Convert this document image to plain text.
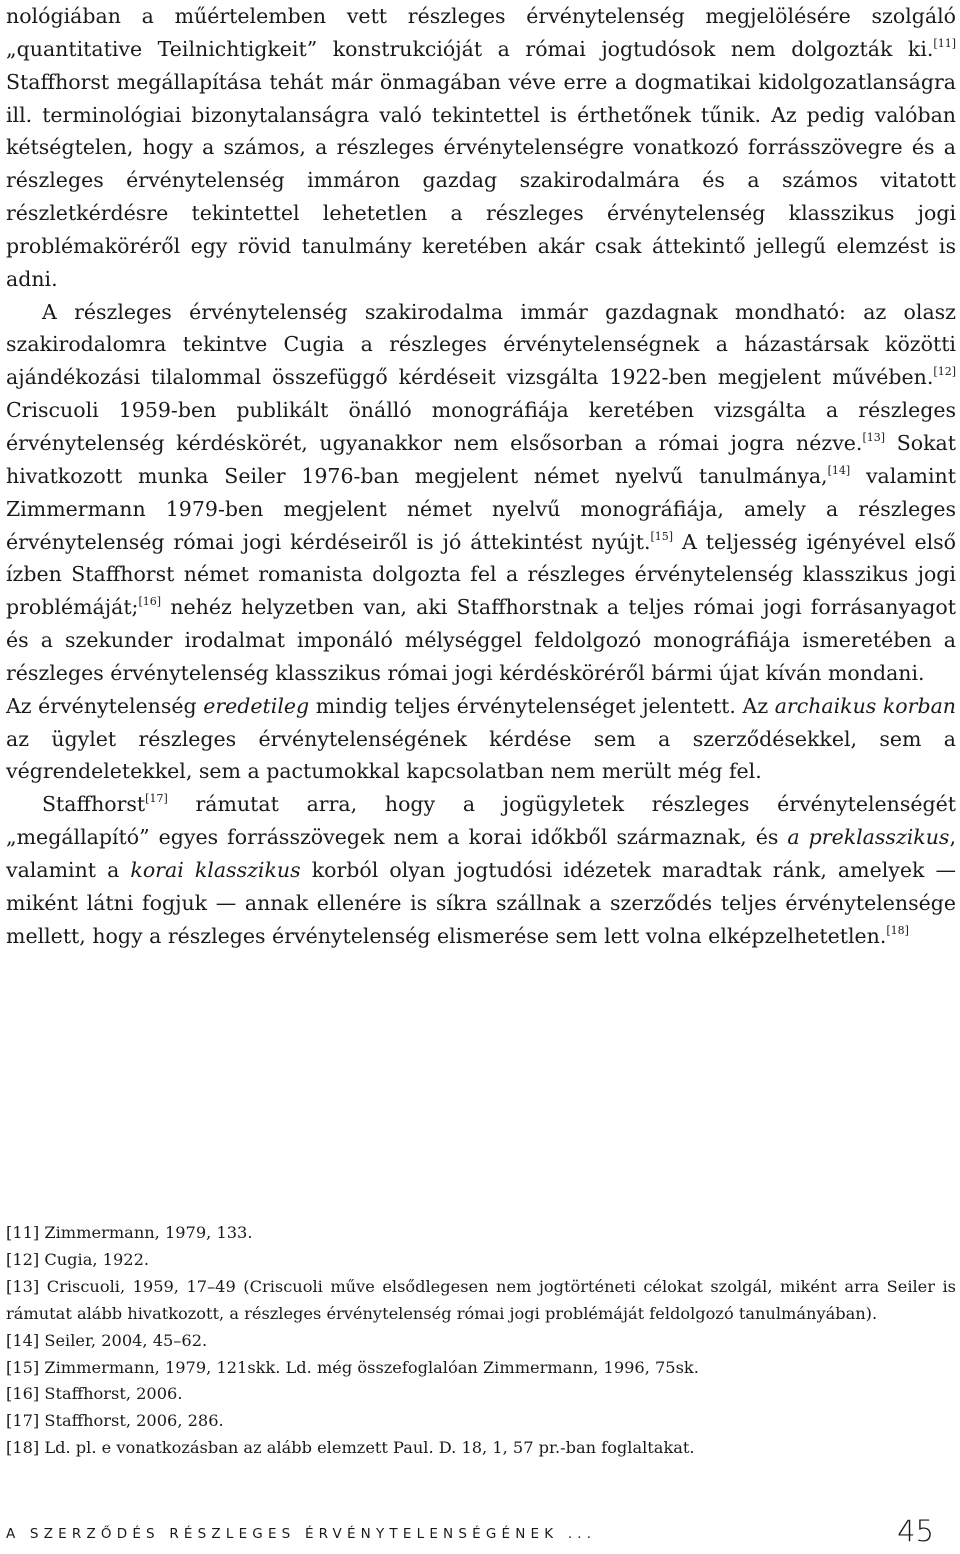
nológiában a műértelemben vett részleges érvénytelenség megjelölésére szolgáló „quantitative Teilnichtigkeit” konstrukcióját a római jogtudósok nem dolgozták ki.[11] Staffhorst megállapítása tehát már önmagában véve erre a dogmatikai kidolgozatlanságra ill. terminológiai bizonytalanságra való tekintettel is érthetőnek tűnik. Az pedig valóban kétségtelen, hogy a számos, a részleges érvénytelenségre vonatkozó forrásszövegre és a részleges érvénytelenség immáron gazdag szakirodalmára és a számos vitatott részletkérdésre tekintettel lehetetlen a részleges érvénytelenség klasszikus jogi problémaköréről egy rövid tanulmány keretében akár csak áttekintő jellegű elemzést is adni.

A részleges érvénytelenség szakirodalma immár gazdagnak mondható: az olasz szakirodalomra tekintve Cugia a részleges érvénytelenségnek a házastársak közötti ajándékozási tilalommal összefüggő kérdéseit vizsgálta 1922-ben megjelent művében.[12] Criscuoli 1959-ben publikált önálló monográfiája keretében vizsgálta a részleges érvénytelenség kérdéskörét, ugyanakkor nem elsősorban a római jogra nézve.[13] Sokat hivatkozott munka Seiler 1976-ban megjelent német nyelvű tanulmánya,[14] valamint Zimmermann 1979-ben megjelent német nyelvű monográfiája, amely a részleges érvénytelenség római jogi kérdéseiről is jó áttekintést nyújt.[15] A teljesség igényével első ízben Staffhorst német romanista dolgozta fel a részleges érvénytelenség klasszikus jogi problémáját;[16] nehéz helyzetben van, aki Staffhorstnak a teljes római jogi forrásanyagot és a szekunder irodalmat imponáló mélységgel feldolgozó monográfiája ismeretében a részleges érvénytelenség klasszikus római jogi kérdésköréről bármi újat kíván mondani.

Az érvénytelenség eredetileg mindig teljes érvénytelenséget jelentett. Az archaikus korban az ügylet részleges érvénytelenségének kérdése sem a szerződésekkel, sem a végrendeletekkel, sem a pactumokkal kapcsolatban nem merült még fel.

Staffhorst[17] rámutat arra, hogy a jogügyletek részleges érvénytelenségét „megállapító” egyes forrásszövegek nem a korai időkből származnak, és a preklasszikus, valamint a korai klasszikus korból olyan jogtudósi idézetek maradtak ránk, amelyek — miként látni fogjuk — annak ellenére is síkra szállnak a szerződés teljes érvénytelensége mellett, hogy a részleges érvénytelenség elismerése sem lett volna elképzelhetetlen.[18]

[11] Zimmermann, 1979, 133.

[12] Cugia, 1922.

[13] Criscuoli, 1959, 17–49 (Criscuoli műve elsődlegesen nem jogtörténeti célokat szolgál, miként arra Seiler is rámutat alább hivatkozott, a részleges érvénytelenség római jogi problémáját feldolgozó tanulmányában).

[14] Seiler, 2004, 45–62.

[15] Zimmermann, 1979, 121skk. Ld. még összefoglalóan Zimmermann, 1996, 75sk.

[16] Staffhorst, 2006.

[17] Staffhorst, 2006, 286.

[18] Ld. pl. e vonatkozásban az alább elemzett Paul. D. 18, 1, 57 pr.-ban foglaltakat.

A SZERZŐDÉS RÉSZLEGES ÉRVÉNYTELENSÉGÉNEK ...	45
